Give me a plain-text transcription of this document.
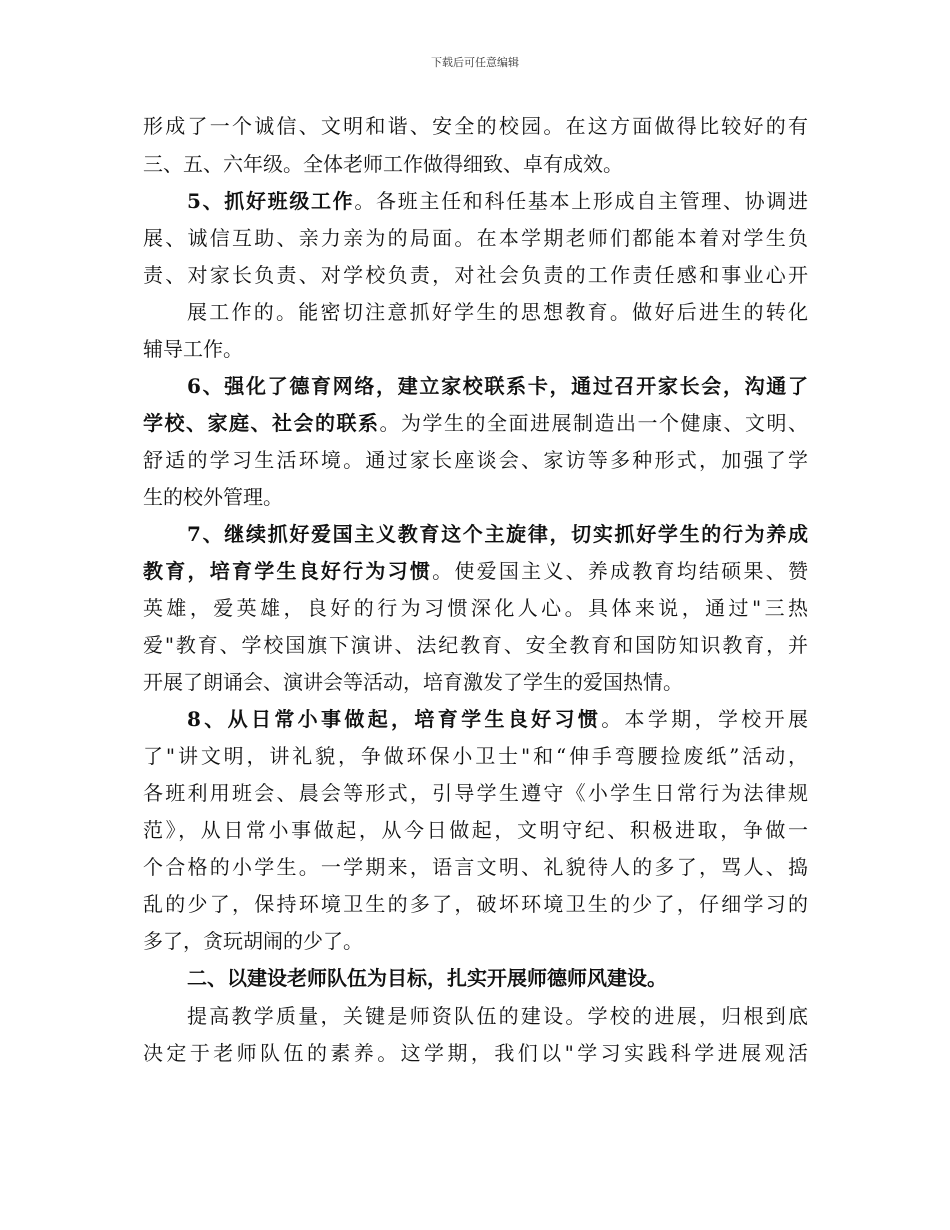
下载后可任意编辑
形成了一个诚信、文明和谐、安全的校园。在这方面做得比较好的有
三、五、六年级。全体老师工作做得细致、卓有成效。
5、抓好班级工作。各班主任和科任基本上形成自主管理、协调进
展、诚信互助、亲力亲为的局面。在本学期老师们都能本着对学生负
责、对家长负责、对学校负责，对社会负责的工作责任感和事业心开
展工作的。能密切注意抓好学生的思想教育。做好后进生的转化
辅导工作。
6、强化了德育网络，建立家校联系卡，通过召开家长会，沟通了
学校、家庭、社会的联系。为学生的全面进展制造出一个健康、文明、
舒适的学习生活环境。通过家长座谈会、家访等多种形式，加强了学
生的校外管理。
7、继续抓好爱国主义教育这个主旋律，切实抓好学生的行为养成
教育，培育学生良好行为习惯。使爱国主义、养成教育均结硕果、赞
英雄，爱英雄，良好的行为习惯深化人心。具体来说，通过"三热
爱"教育、学校国旗下演讲、法纪教育、安全教育和国防知识教育，并
开展了朗诵会、演讲会等活动，培育激发了学生的爱国热情。
8、从日常小事做起，培育学生良好习惯。本学期，学校开展
了"讲文明，讲礼貌，争做环保小卫士"和“伸手弯腰捡废纸”活动，
各班利用班会、晨会等形式，引导学生遵守《小学生日常行为法律规
范》，从日常小事做起，从今日做起，文明守纪、积极进取，争做一
个合格的小学生。一学期来，语言文明、礼貌待人的多了，骂人、捣
乱的少了，保持环境卫生的多了，破坏环境卫生的少了，仔细学习的
多了，贪玩胡闹的少了。
二、以建设老师队伍为目标，扎实开展师德师风建设。
提高教学质量，关键是师资队伍的建设。学校的进展，归根到底
决定于老师队伍的素养。这学期，我们以"学习实践科学进展观活
